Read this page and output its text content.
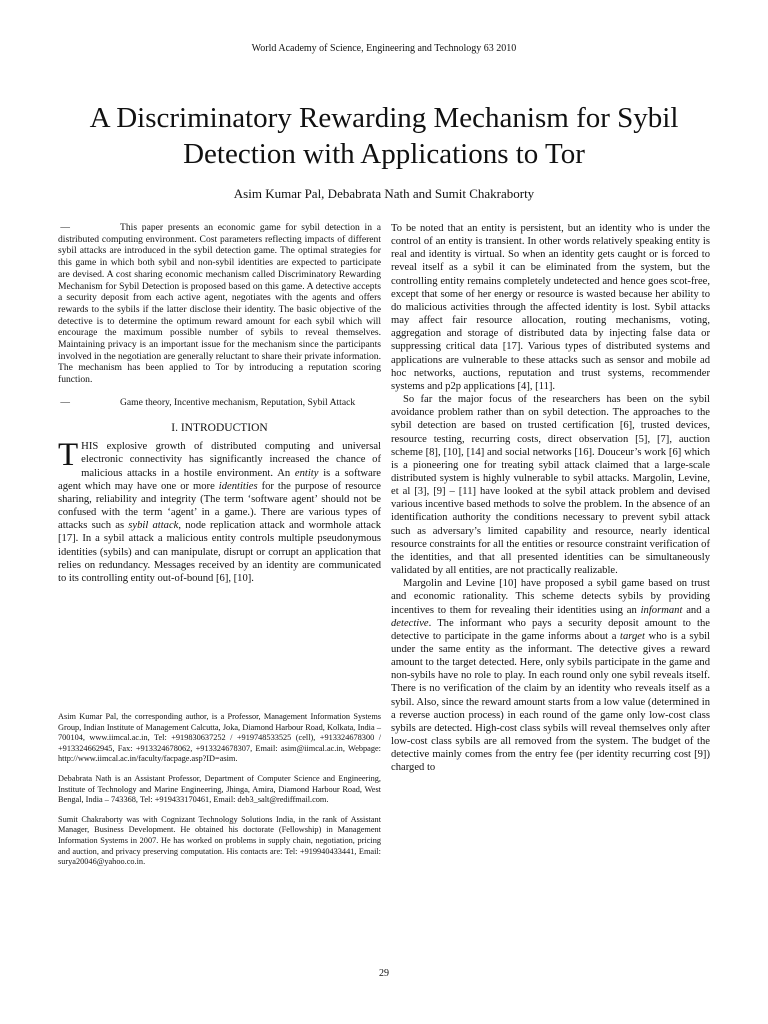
World Academy of Science, Engineering and Technology 63 2010
A Discriminatory Rewarding Mechanism for Sybil Detection with Applications to Tor
Asim Kumar Pal, Debabrata Nath and Sumit Chakraborty

—	This paper presents an economic game for sybil detection in a distributed computing environment. Cost parameters reflecting impacts of different sybil attacks are introduced in the sybil detection game. The optimal strategies for this game in which both sybil and non-sybil identities are expected to participate are devised. A cost sharing economic mechanism called Discriminatory Rewarding Mechanism for Sybil Detection is proposed based on this game. A detective accepts a security deposit from each active agent, negotiates with the agents and offers rewards to the sybils if the latter disclose their identity. The basic objective of the detective is to determine the optimum reward amount for each sybil which will encourage the maximum possible number of sybils to reveal themselves. Maintaining privacy is an important issue for the mechanism since the participants involved in the negotiation are generally reluctant to share their private information. The mechanism has been applied to Tor by introducing a reputation scoring function.

—	Game theory, Incentive mechanism, Reputation, Sybil Attack

I. INTRODUCTION

THIS explosive growth of distributed computing and universal electronic connectivity has significantly increased the chance of malicious attacks in a hostile environment. An entity is a software agent which may have one or more identities for the purpose of resource sharing, reliability and integrity (The term ‘software agent’ should not be confused with the term ‘agent’ in a game.). There are various types of attacks such as sybil attack, node replication attack and wormhole attack [17]. In a sybil attack a malicious entity controls multiple pseudonymous identities (sybils) and can manipulate, disrupt or corrupt an application that relies on redundancy. Messages received by an identity are communicated to its controlling entity out-of-bound [6], [10].

Asim Kumar Pal, the corresponding author, is a Professor, Management Information Systems Group, Indian Institute of Management Calcutta, Joka, Diamond Harbour Road, Kolkata, India – 700104, www.iimcal.ac.in, Tel: +919830637252 / +919748533525 (cell), +913324678300 / +913324662945, Fax: +913324678062, +913324678307, Email: asim@iimcal.ac.in, Webpage: http://www.iimcal.ac.in/faculty/facpage.asp?ID=asim.

Debabrata Nath is an Assistant Professor, Department of Computer Science and Engineering, Institute of Technology and Marine Engineering, Jhinga, Amira, Diamond Harbour Road, West Bengal, India – 743368, Tel: +919433170461, Email: deb3_salt@rediffmail.com.

Sumit Chakraborty was with Cognizant Technology Solutions India, in the rank of Assistant Manager, Business Development. He obtained his doctorate (Fellowship) in Management Information Systems in 2007. He has worked on problems in supply chain, negotiation, pricing and auction, and privacy preserving computation. His contacts are: Tel: +919940433441, Email: surya20046@yahoo.co.in.

To be noted that an entity is persistent, but an identity who is under the control of an entity is transient. In other words relatively speaking entity is real and identity is virtual. So when an identity gets caught or is forced to reveal itself as a sybil it can be eliminated from the system, but the controlling entity remains completely undetected and hence goes scot-free, except that some of her energy or resource is wasted because her ability to do malicious activities through the affected identity is lost. Sybil attacks may affect fair resource allocation, routing mechanisms, voting, aggregation and storage of distributed data by injecting false data or suppressing critical data [17]. Various types of distributed systems and applications are vulnerable to these attacks such as sensor and mobile ad hoc networks, auctions, reputation and trust systems, recommender systems and p2p applications [4], [11].

So far the major focus of the researchers has been on the sybil avoidance problem rather than on sybil detection. The approaches to the sybil detection are based on trusted certification [6], trusted devices, resource testing, recurring costs, direct observation [5], [7], auction scheme [8], [10], [14] and social networks [16]. Douceur’s work [6] which is a pioneering one for treating sybil attack claimed that a large-scale distributed system is highly vulnerable to sybil attacks. Margolin, Levine, et al [3], [9] – [11] have looked at the sybil attack problem and devised various incentive based methods to solve the problem. In the absence of an identification authority the conditions necessary to prevent sybil attack such as adversary’s limited capability and resource, nearly identical resource constraints for all the entities or resource constraint verification of the identities, and that all presented identities can be simultaneously validated by all entities, are not practically realizable.

Margolin and Levine [10] have proposed a sybil game based on trust and economic rationality. This scheme detects sybils by providing incentives to them for revealing their identities using an informant and a detective. The informant who pays a security deposit amount to the detective to participate in the game informs about a target who is a sybil under the same entity as the informant. The detective gives a reward amount to the target detected. Here, only sybils participate in the game and non-sybils have no role to play. In each round only one sybil reveals itself. There is no verification of the claim by an identity who reveals itself as a sybil. Also, since the reward amount starts from a low value (determined in a reverse auction process) in each round of the game only low-cost class sybils are detected. High-cost class sybils will reveal themselves only after low-cost class sybils are all removed from the system. The budget of the detective mainly comes from the entry fee (per identity recurring cost [9]) charged to

29
